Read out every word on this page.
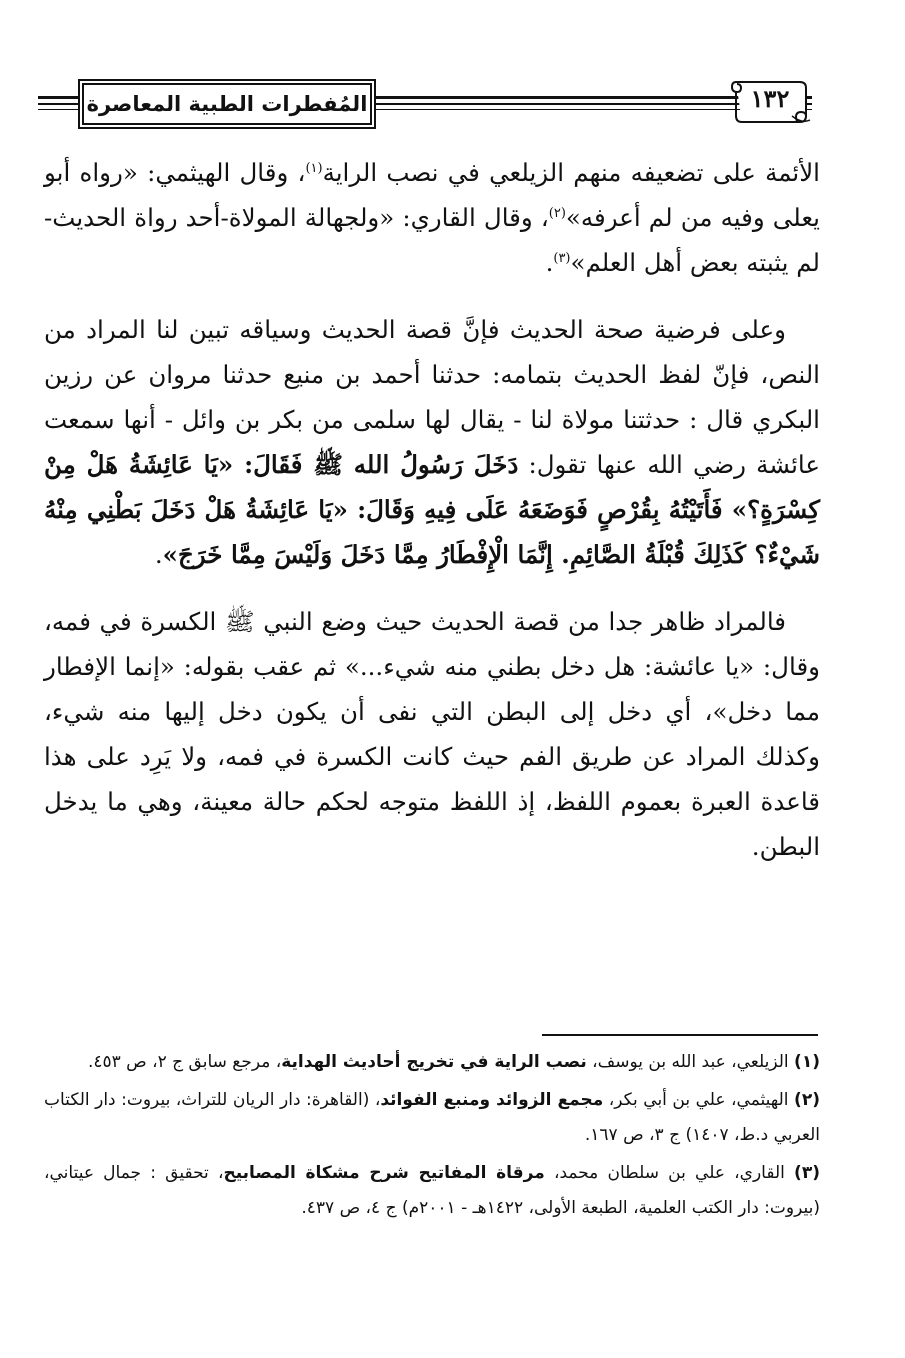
المُفطرات الطبية المعاصرة	١٣٢

الأئمة على تضعيفه منهم الزيلعي في نصب الراية$^{(١)}$، وقال الهيثمي: «رواه أبو يعلى وفيه من لم أعرفه»$^{(٢)}$، وقال القاري: «ولجهالة المولاة-أحد رواة الحديث- لم يثبته بعض أهل العلم»$^{(٣)}$.

وعلى فرضية صحة الحديث فإنَّ قصة الحديث وسياقه تبين لنا المراد من النص، فإنّ لفظ الحديث بتمامه: حدثنا أحمد بن منيع حدثنا مروان عن رزين البكري قال : حدثتنا مولاة لنا - يقال لها سلمى من بكر بن وائل - أنها سمعت عائشة رضي الله عنها تقول: دَخَلَ رَسُولُ الله ﷺ فَقَالَ: «يَا عَائِشَةُ هَلْ مِنْ كِسْرَةٍ؟» فَأَتَيْتُهُ بِقُرْصٍ فَوَضَعَهُ عَلَى فِيهِ وَقَالَ: «يَا عَائِشَةُ هَلْ دَخَلَ بَطْنِي مِنْهُ شَيْءٌ؟ كَذَلِكَ قُبْلَةُ الصَّائِمِ. إِنَّمَا الْإِفْطَارُ مِمَّا دَخَلَ وَلَيْسَ مِمَّا خَرَجَ».

فالمراد ظاهر جدا من قصة الحديث حيث وضع النبي ﷺ الكسرة في فمه، وقال: «يا عائشة: هل دخل بطني منه شيء...» ثم عقب بقوله: «إنما الإفطار مما دخل»، أي دخل إلى البطن التي نفى أن يكون دخل إليها منه شيء، وكذلك المراد عن طريق الفم حيث كانت الكسرة في فمه، ولا يَرِد على هذا قاعدة العبرة بعموم اللفظ، إذ اللفظ متوجه لحكم حالة معينة، وهي ما يدخل البطن.

(١) الزيلعي، عبد الله بن يوسف، نصب الراية في تخريج أحاديث الهداية، مرجع سابق ج ٢، ص ٤٥٣.

(٢) الهيثمي، علي بن أبي بكر، مجمع الزوائد ومنبع الفوائد، (القاهرة: دار الريان للتراث، بيروت: دار الكتاب العربي د.ط، ١٤٠٧) ج ٣، ص ١٦٧.

(٣) القاري، علي بن سلطان محمد، مرقاة المفاتيح شرح مشكاة المصابيح، تحقيق : جمال عيتاني، (بيروت: دار الكتب العلمية، الطبعة الأولى، ١٤٢٢هـ - ٢٠٠١م) ج ٤، ص ٤٣٧.
